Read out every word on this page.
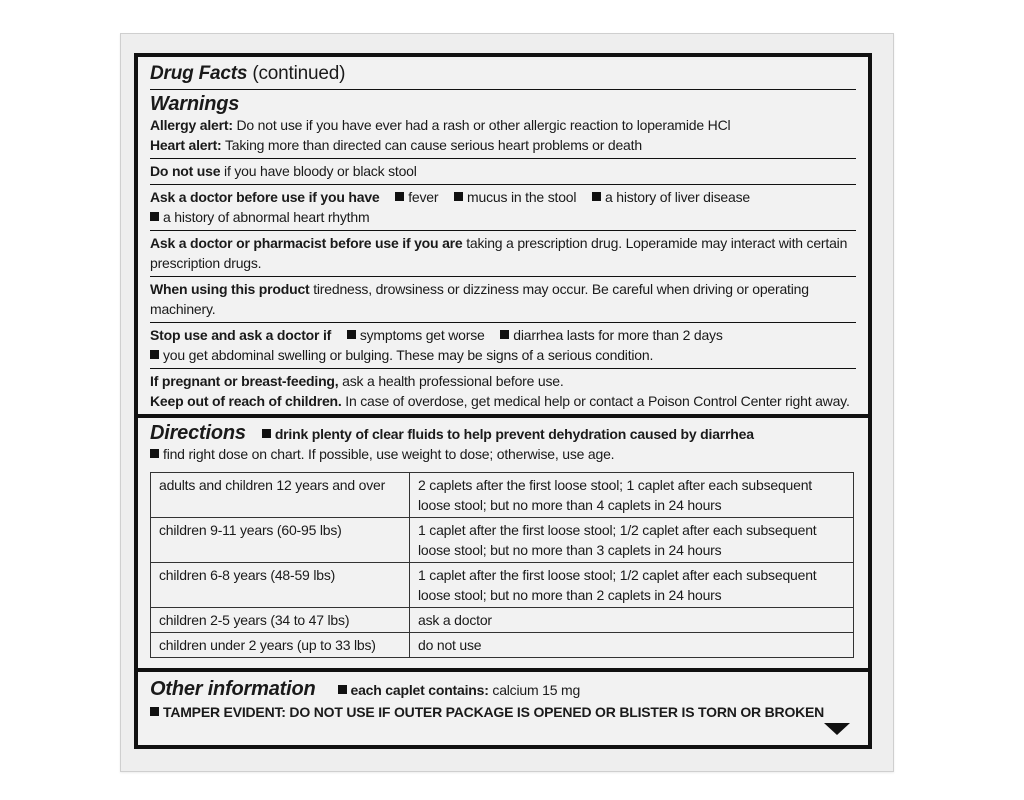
Drug Facts (continued)
Warnings
Allergy alert: Do not use if you have ever had a rash or other allergic reaction to loperamide HCl
Heart alert: Taking more than directed can cause serious heart problems or death
Do not use if you have bloody or black stool
Ask a doctor before use if you have fever mucus in the stool a history of liver disease
a history of abnormal heart rhythm
Ask a doctor or pharmacist before use if you are taking a prescription drug. Loperamide may interact with certain prescription drugs.
When using this product tiredness, drowsiness or dizziness may occur. Be careful when driving or operating machinery.
Stop use and ask a doctor if symptoms get worse diarrhea lasts for more than 2 days
you get abdominal swelling or bulging. These may be signs of a serious condition.
If pregnant or breast-feeding, ask a health professional before use.
Keep out of reach of children. In case of overdose, get medical help or contact a Poison Control Center right away.
Directions	drink plenty of clear fluids to help prevent dehydration caused by diarrhea
find right dose on chart. If possible, use weight to dose; otherwise, use age.
adults and children 12 years and over	2 caplets after the first loose stool; 1 caplet after each subsequent loose stool; but no more than 4 caplets in 24 hours
children 9-11 years (60-95 lbs)	1 caplet after the first loose stool; 1/2 caplet after each subsequent loose stool; but no more than 3 caplets in 24 hours
children 6-8 years (48-59 lbs)	1 caplet after the first loose stool; 1/2 caplet after each subsequent loose stool; but no more than 2 caplets in 24 hours
children 2-5 years (34 to 47 lbs)	ask a doctor
children under 2 years (up to 33 lbs)	do not use
Other information	each caplet contains: calcium 15 mg
TAMPER EVIDENT: DO NOT USE IF OUTER PACKAGE IS OPENED OR BLISTER IS TORN OR BROKEN
